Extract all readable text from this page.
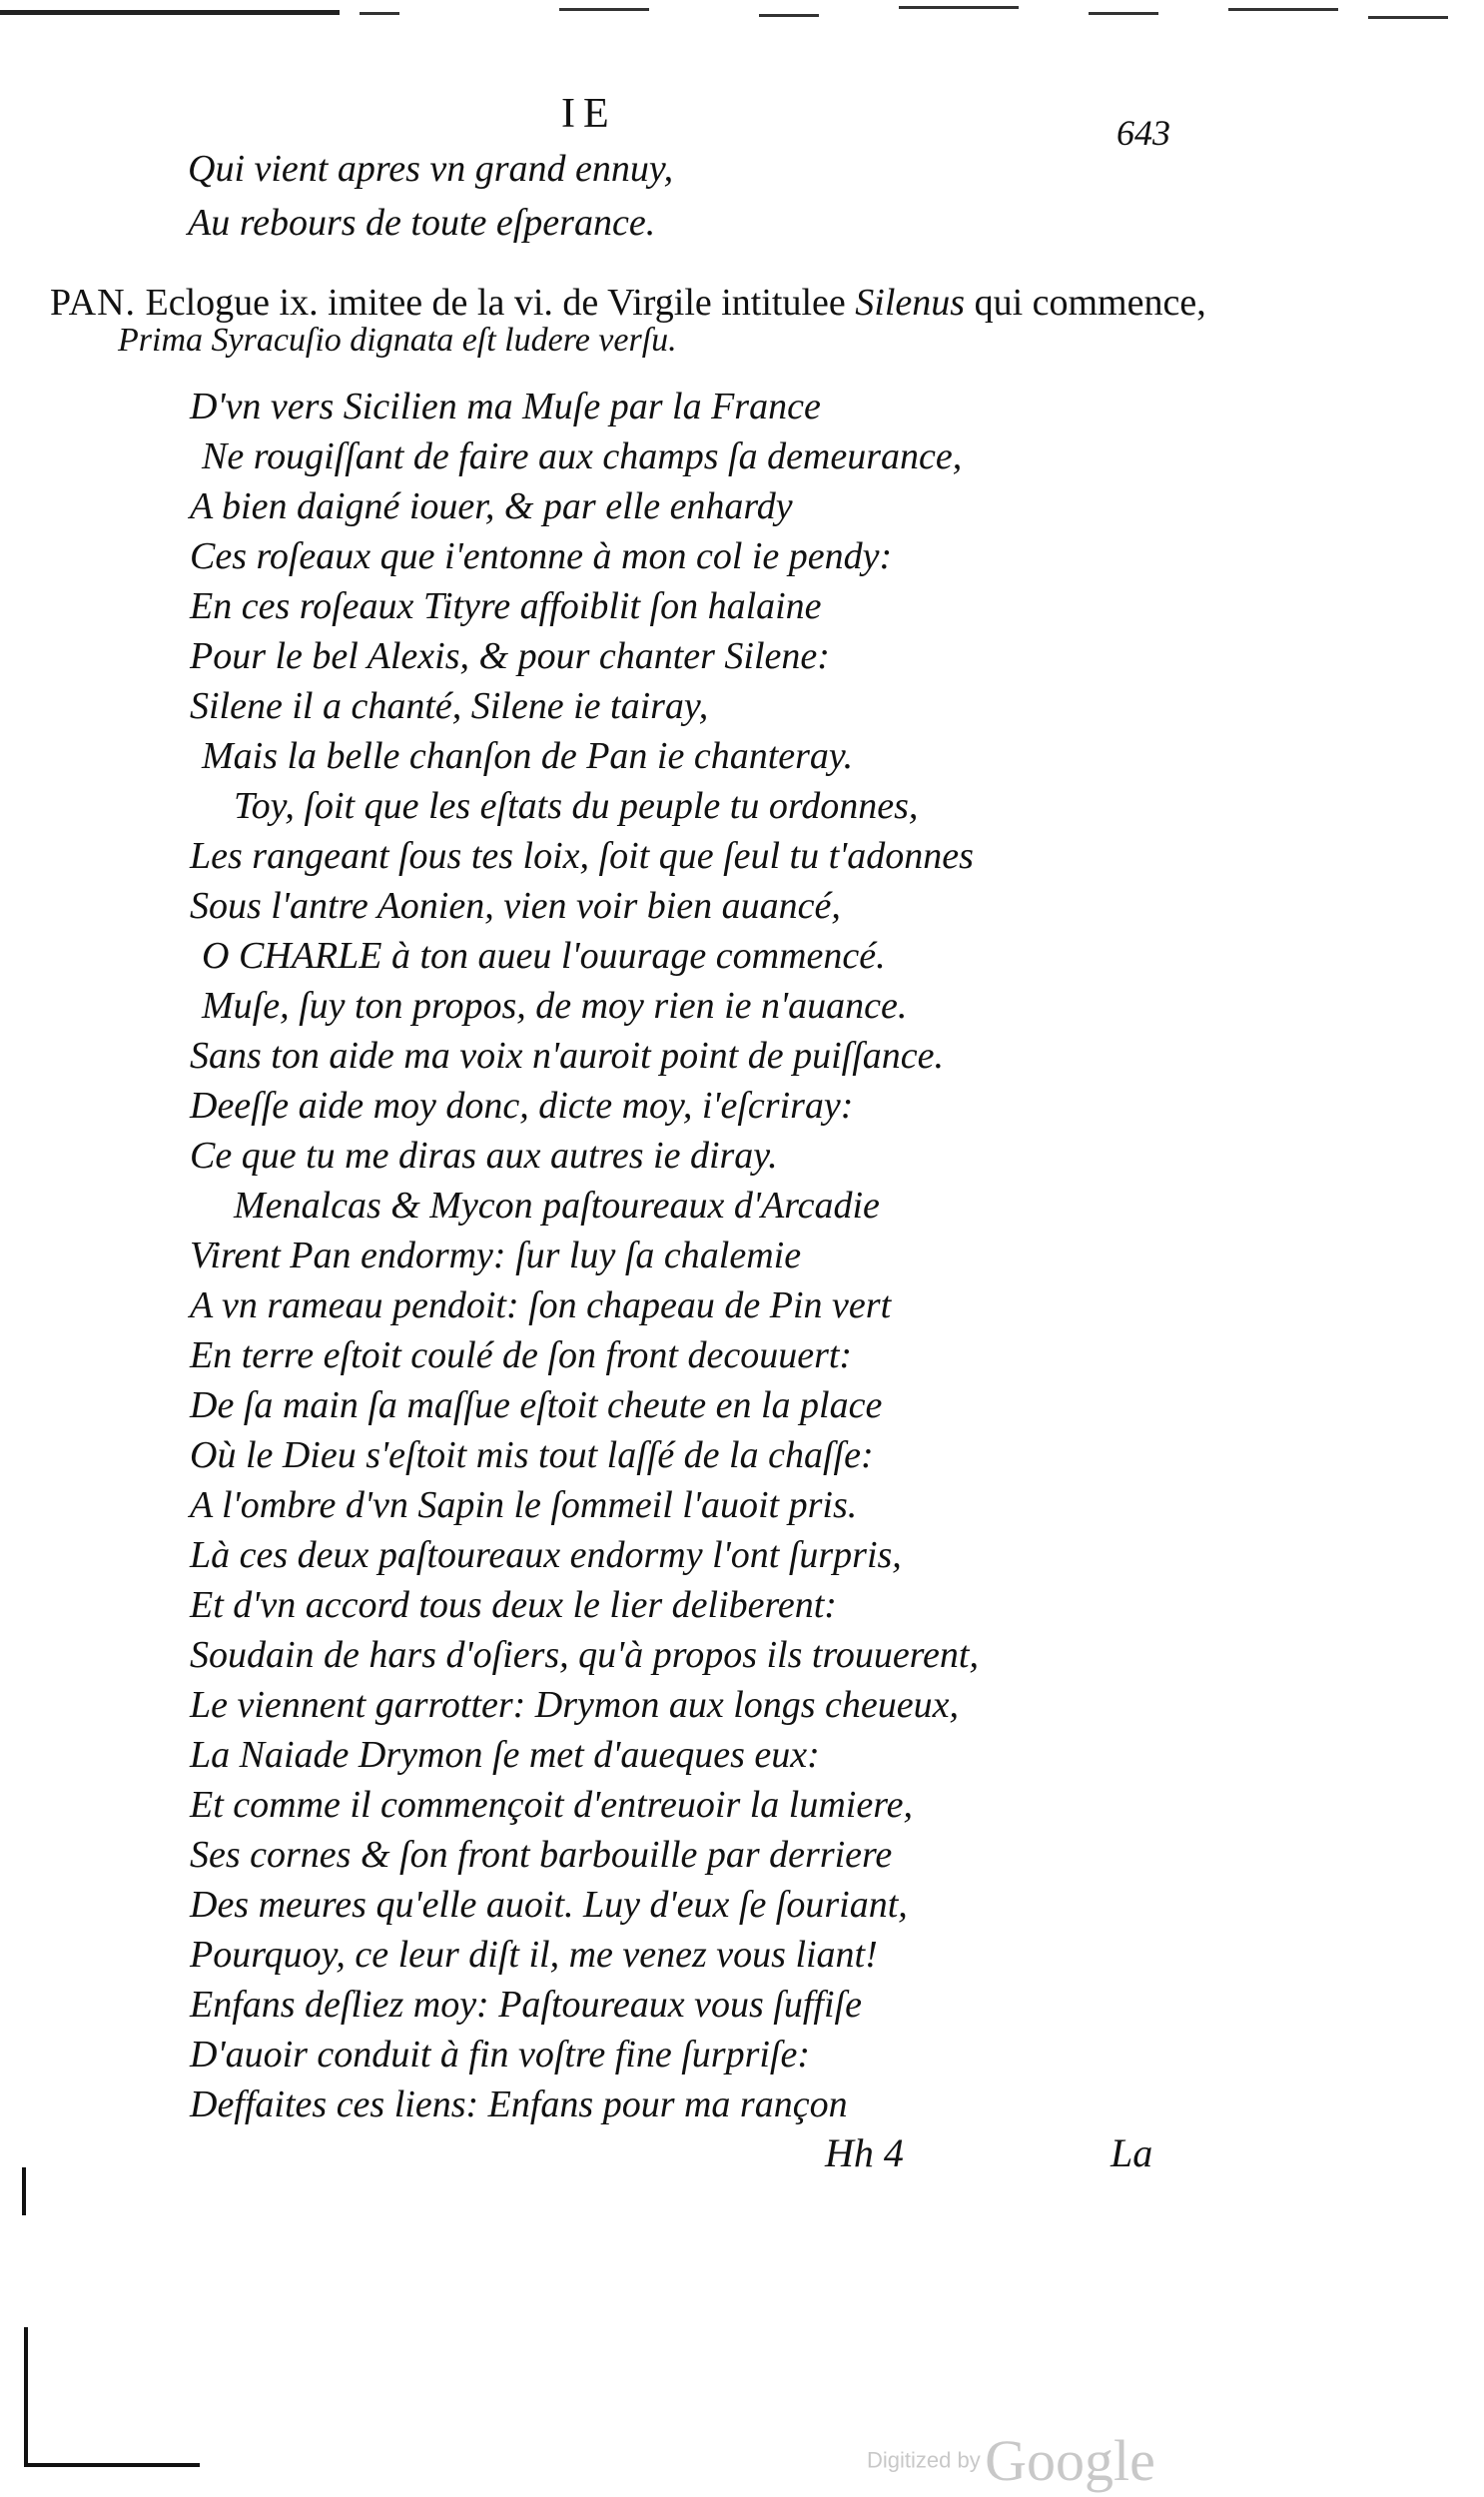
IE	643
Qui vient apres vn grand ennuy,
Au rebours de toute eſperance.
PAN. Eclogue ix. imitee de la vi. de Virgile intitulee Silenus qui commence,
Prima Syracuſio dignata eſt ludere verſu.
D'vn vers Sicilien ma Muſe par la France
Ne rougiſſant de faire aux champs ſa demeurance,
A bien daigné iouer, & par elle enhardy
Ces roſeaux que i'entonne à mon col ie pendy:
En ces roſeaux Tityre affoiblit ſon halaine
Pour le bel Alexis, & pour chanter Silene:
Silene il a chanté, Silene ie tairay,
Mais la belle chanſon de Pan ie chanteray.
Toy, ſoit que les eſtats du peuple tu ordonnes,
Les rangeant ſous tes loix, ſoit que ſeul tu t'adonnes
Sous l'antre Aonien, vien voir bien auancé,
O CHARLE à ton aueu l'ouurage commencé.
Muſe, ſuy ton propos, de moy rien ie n'auance.
Sans ton aide ma voix n'auroit point de puiſſance.
Deeſſe aide moy donc, dicte moy, i'eſcriray:
Ce que tu me diras aux autres ie diray.
Menalcas & Mycon paſtoureaux d'Arcadie
Virent Pan endormy: ſur luy ſa chalemie
A vn rameau pendoit: ſon chapeau de Pin vert
En terre eſtoit coulé de ſon front decouuert:
De ſa main ſa maſſue eſtoit cheute en la place
Où le Dieu s'eſtoit mis tout laſſé de la chaſſe:
A l'ombre d'vn Sapin le ſommeil l'auoit pris.
Là ces deux paſtoureaux endormy l'ont ſurpris,
Et d'vn accord tous deux le lier deliberent:
Soudain de hars d'oſiers, qu'à propos ils trouuerent,
Le viennent garrotter: Drymon aux longs cheueux,
La Naiade Drymon ſe met d'aueques eux:
Et comme il commençoit d'entreuoir la lumiere,
Ses cornes & ſon front barbouille par derriere
Des meures qu'elle auoit. Luy d'eux ſe ſouriant,
Pourquoy, ce leur diſt il, me venez vous liant!
Enfans deſliez moy: Paſtoureaux vous ſuffiſe
D'auoir conduit à fin voſtre fine ſurpriſe:
Deffaites ces liens: Enfans pour ma rançon
Hh 4	La
Digitized by Google
